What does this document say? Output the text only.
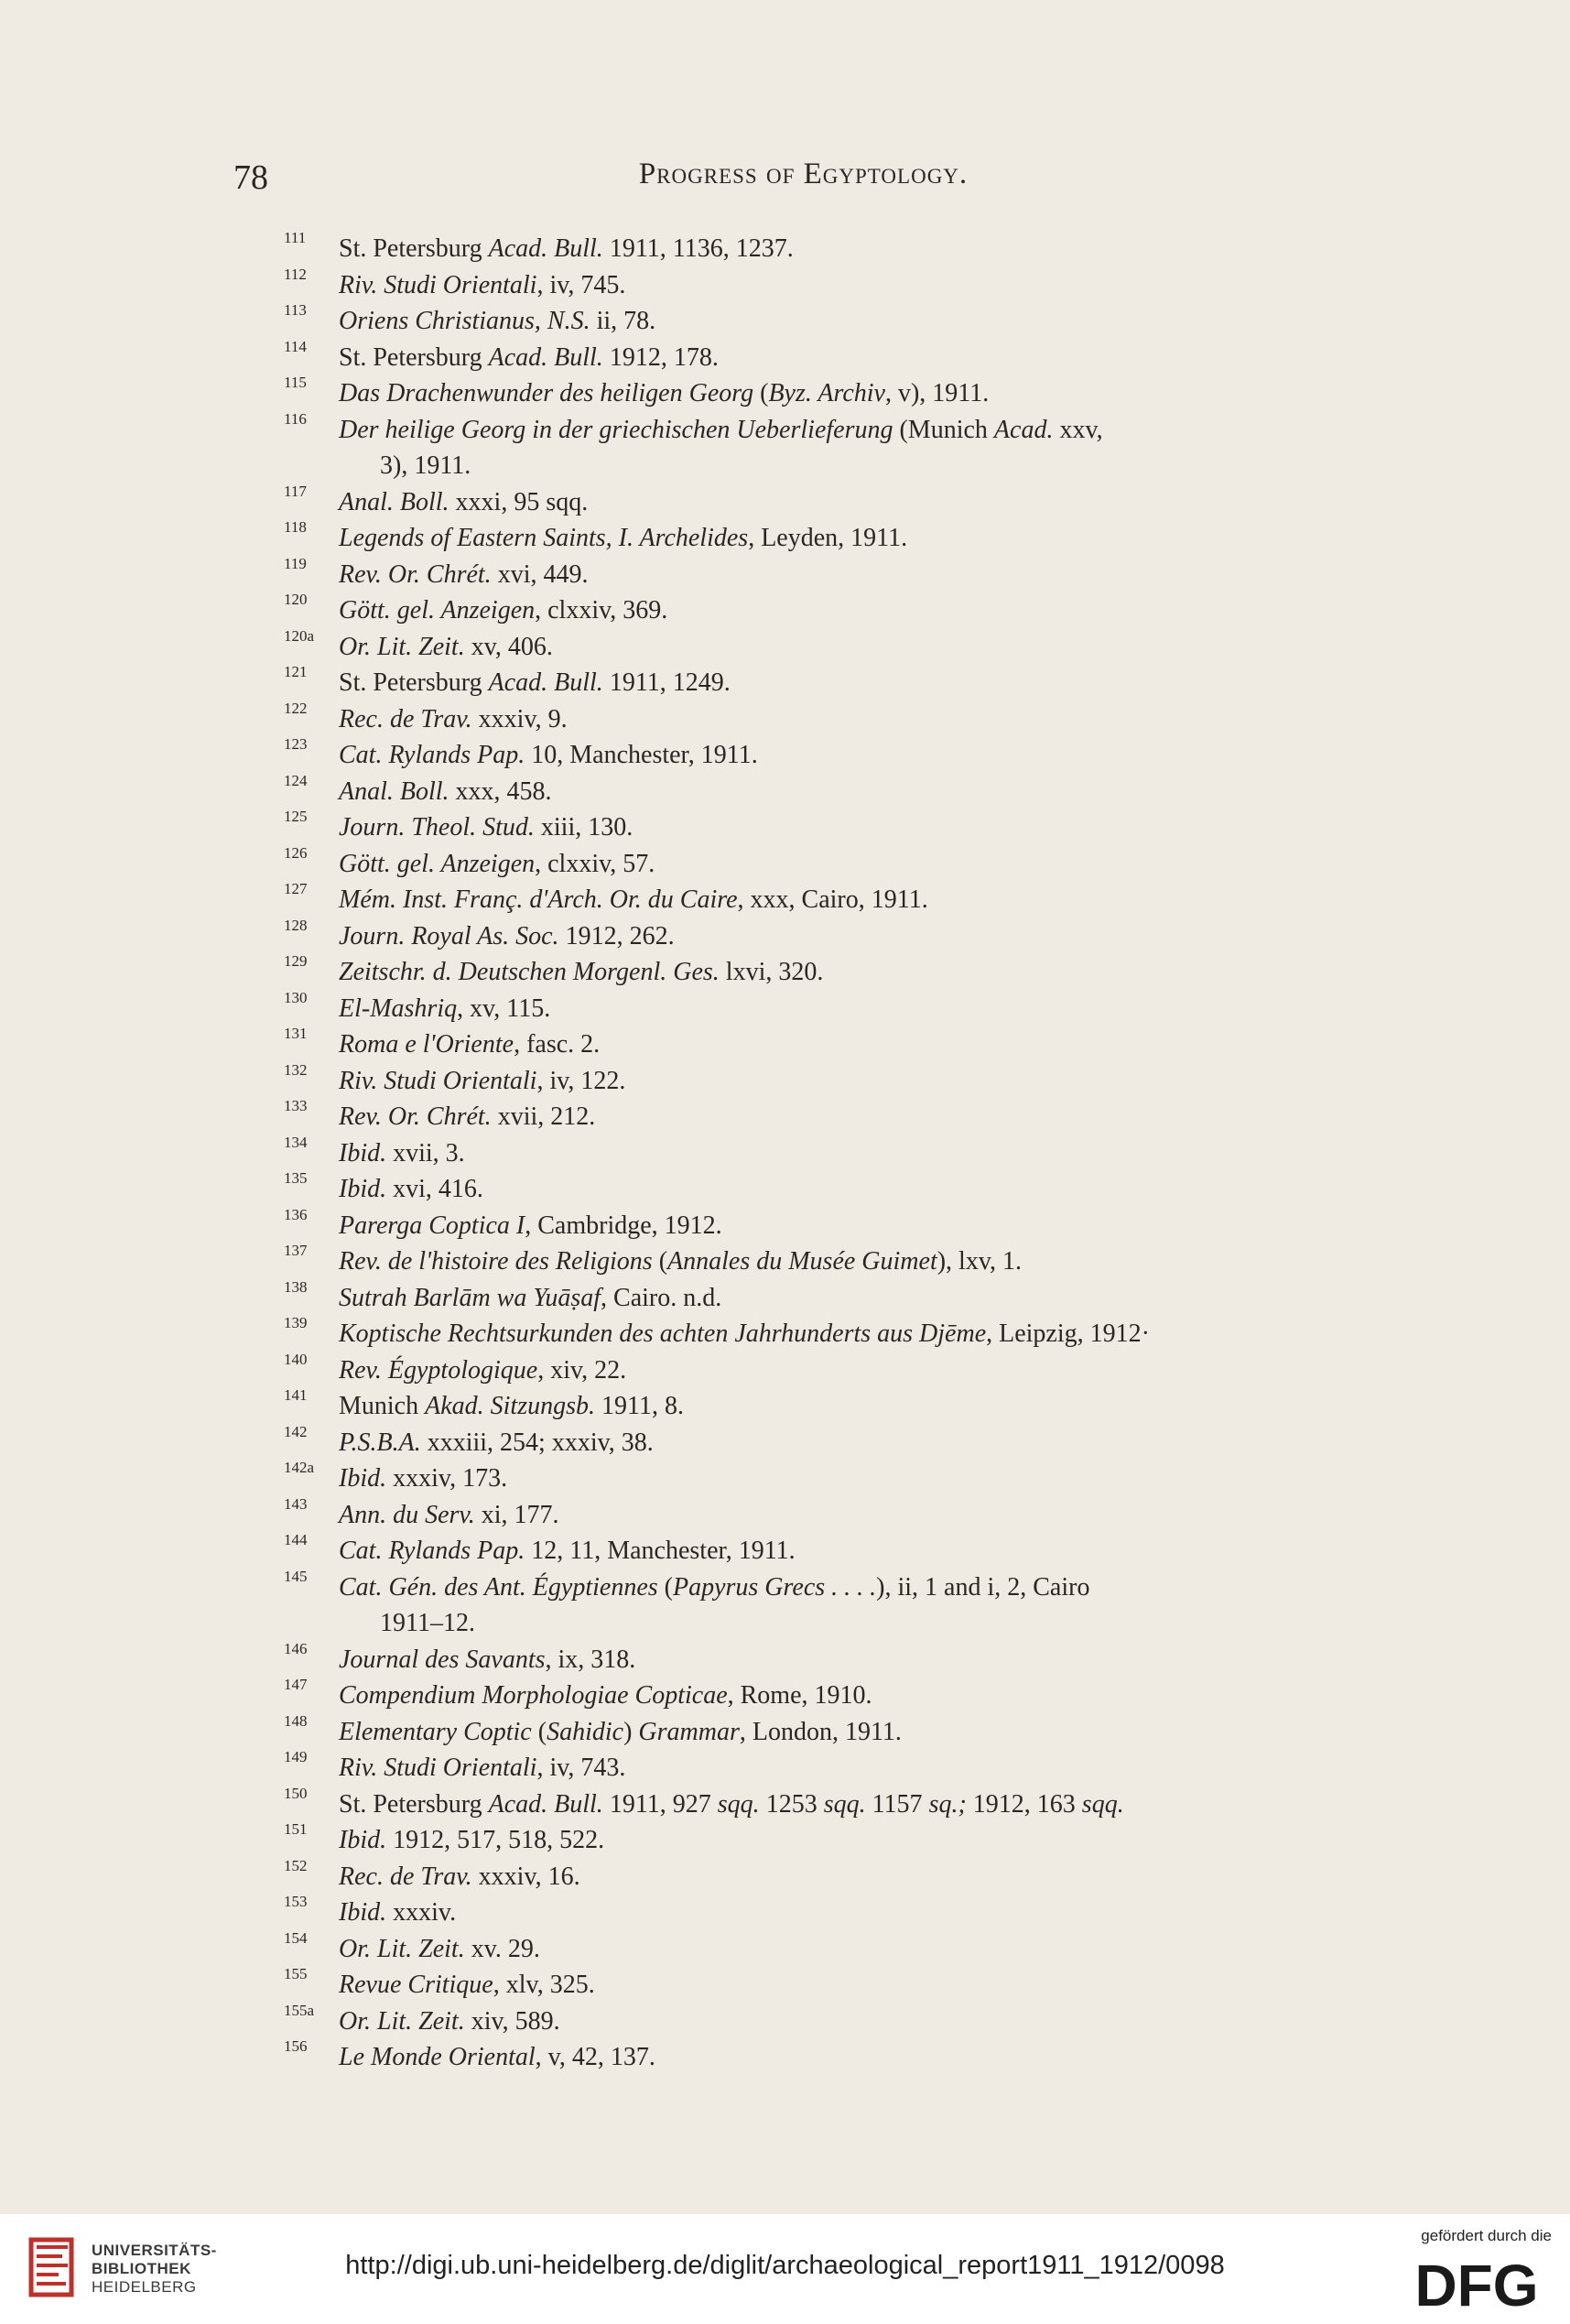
78	Progress of Egyptology.
111	St. Petersburg Acad. Bull. 1911, 1136, 1237.
112	Riv. Studi Orientali, iv, 745.
113	Oriens Christianus, N.S. ii, 78.
114	St. Petersburg Acad. Bull. 1912, 178.
115	Das Drachenwunder des heiligen Georg (Byz. Archiv, v), 1911.
116	Der heilige Georg in der griechischen Ueberlieferung (Munich Acad. xxv,
3), 1911.
117	Anal. Boll. xxxi, 95 sqq.
118	Legends of Eastern Saints, I. Archelides, Leyden, 1911.
119	Rev. Or. Chrét. xvi, 449.
120	Gött. gel. Anzeigen, clxxiv, 369.
120a Or. Lit. Zeit. xv, 406.
121	St. Petersburg Acad. Bull. 1911, 1249.
122	Rec. de Trav. xxxiv, 9.
123	Cat. Rylands Pap. 10, Manchester, 1911.
124	Anal. Boll. xxx, 458.
125	Journ. Theol. Stud. xiii, 130.
126	Gött. gel. Anzeigen, clxxiv, 57.
127	Mém. Inst. Franç. d'Arch. Or. du Caire, xxx, Cairo, 1911.
128	Journ. Royal As. Soc. 1912, 262.
129	Zeitschr. d. Deutschen Morgenl. Ges. lxvi, 320.
130	El-Mashriq, xv, 115.
131	Roma e l'Oriente, fasc. 2.
132	Riv. Studi Orientali, iv, 122.
133	Rev. Or. Chrét. xvii, 212.
134	Ibid. xvii, 3.
135	Ibid. xvi, 416.
136	Parerga Coptica I, Cambridge, 1912.
137	Rev. de l'histoire des Religions (Annales du Musée Guimet), lxv, 1.
138	Sutrah Barlām wa Yuāṣaf, Cairo. n.d.
139	Koptische Rechtsurkunden des achten Jahrhunderts aus Djēme, Leipzig, 1912·
140	Rev. Égyptologique, xiv, 22.
141	Munich Akad. Sitzungsb. 1911, 8.
142	P.S.B.A. xxxiii, 254; xxxiv, 38.
142a Ibid. xxxiv, 173.
143	Ann. du Serv. xi, 177.
144	Cat. Rylands Pap. 12, 11, Manchester, 1911.
145	Cat. Gén. des Ant. Égyptiennes (Papyrus Grecs . . . .), ii, 1 and i, 2, Cairo
1911–12.
146	Journal des Savants, ix, 318.
147	Compendium Morphologiae Copticae, Rome, 1910.
148	Elementary Coptic (Sahidic) Grammar, London, 1911.
149	Riv. Studi Orientali, iv, 743.
150	St. Petersburg Acad. Bull. 1911, 927 sqq. 1253 sqq. 1157 sq.; 1912, 163 sqq.
151	Ibid. 1912, 517, 518, 522.
152	Rec. de Trav. xxxiv, 16.
153	Ibid. xxxiv.
154	Or. Lit. Zeit. xv. 29.
155	Revue Critique, xlv, 325.
155a Or. Lit. Zeit. xiv, 589.
156	Le Monde Oriental, v, 42, 137.
UNIVERSITÄTS-
BIBLIOTHEK
HEIDELBERG
http://digi.ub.uni-heidelberg.de/diglit/archaeological_report1911_1912/0098
gefördert durch die
DFG
